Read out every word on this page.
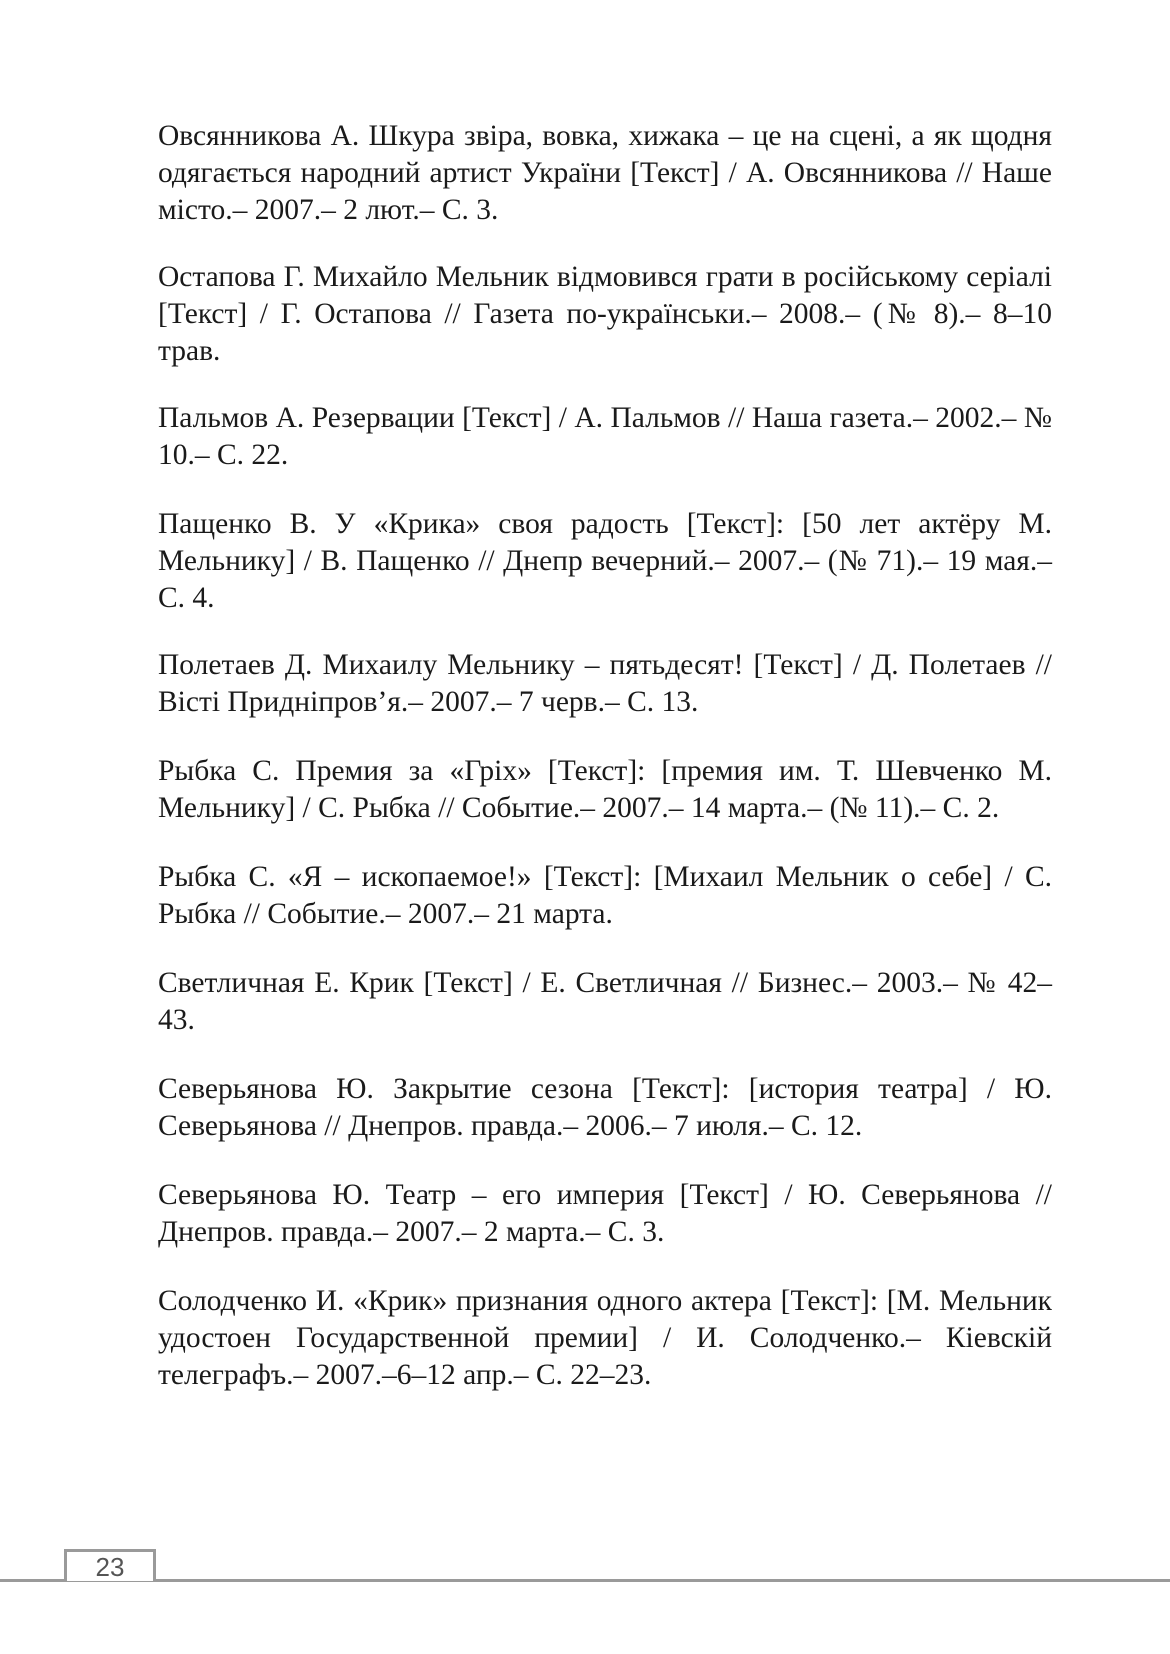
Овсянникова А. Шкура звіра, вовка, хижака – це на сцені, а як щодня одягається народний артист України [Текст] / А. Овсянникова // Наше місто.– 2007.– 2 лют.– С. 3.

Остапова Г. Михайло Мельник відмовився грати в російському серіалі [Текст] / Г. Остапова // Газета по-українськи.– 2008.– (№ 8).– 8–10 трав.

Пальмов А. Резервации [Текст] / А. Пальмов // Наша газета.– 2002.– № 10.– С. 22.

Пащенко В. У «Крика» своя радость [Текст]: [50 лет актёру М. Мельнику] / В. Пащенко // Днепр вечерний.– 2007.– (№ 71).– 19 мая.– С. 4.

Полетаев Д. Михаилу Мельнику – пятьдесят! [Текст] / Д. Полетаев // Вісті Придніпров’я.– 2007.– 7 черв.– С. 13.

Рыбка С. Премия за «Гріх» [Текст]: [премия им. Т. Шевченко М. Мельнику] / С. Рыбка // Событие.– 2007.– 14 марта.– (№ 11).– С. 2.

Рыбка С. «Я – ископаемое!» [Текст]: [Михаил Мельник о себе] / С. Рыбка // Событие.– 2007.– 21 марта.

Светличная Е. Крик [Текст] / Е. Светличная // Бизнес.– 2003.– № 42–43.

Северьянова Ю. Закрытие сезона [Текст]: [история театра] / Ю. Северьянова // Днепров. правда.– 2006.– 7 июля.– С. 12.

Северьянова Ю. Театр – его империя [Текст] / Ю. Северьянова // Днепров. правда.– 2007.– 2 марта.– С. 3.

Солодченко И. «Крик» признания одного актера [Текст]: [М. Мельник удостоен Государственной премии] / И. Солодченко.– Кіевскій телеграфъ.– 2007.–6–12 апр.– С. 22–23.

23
